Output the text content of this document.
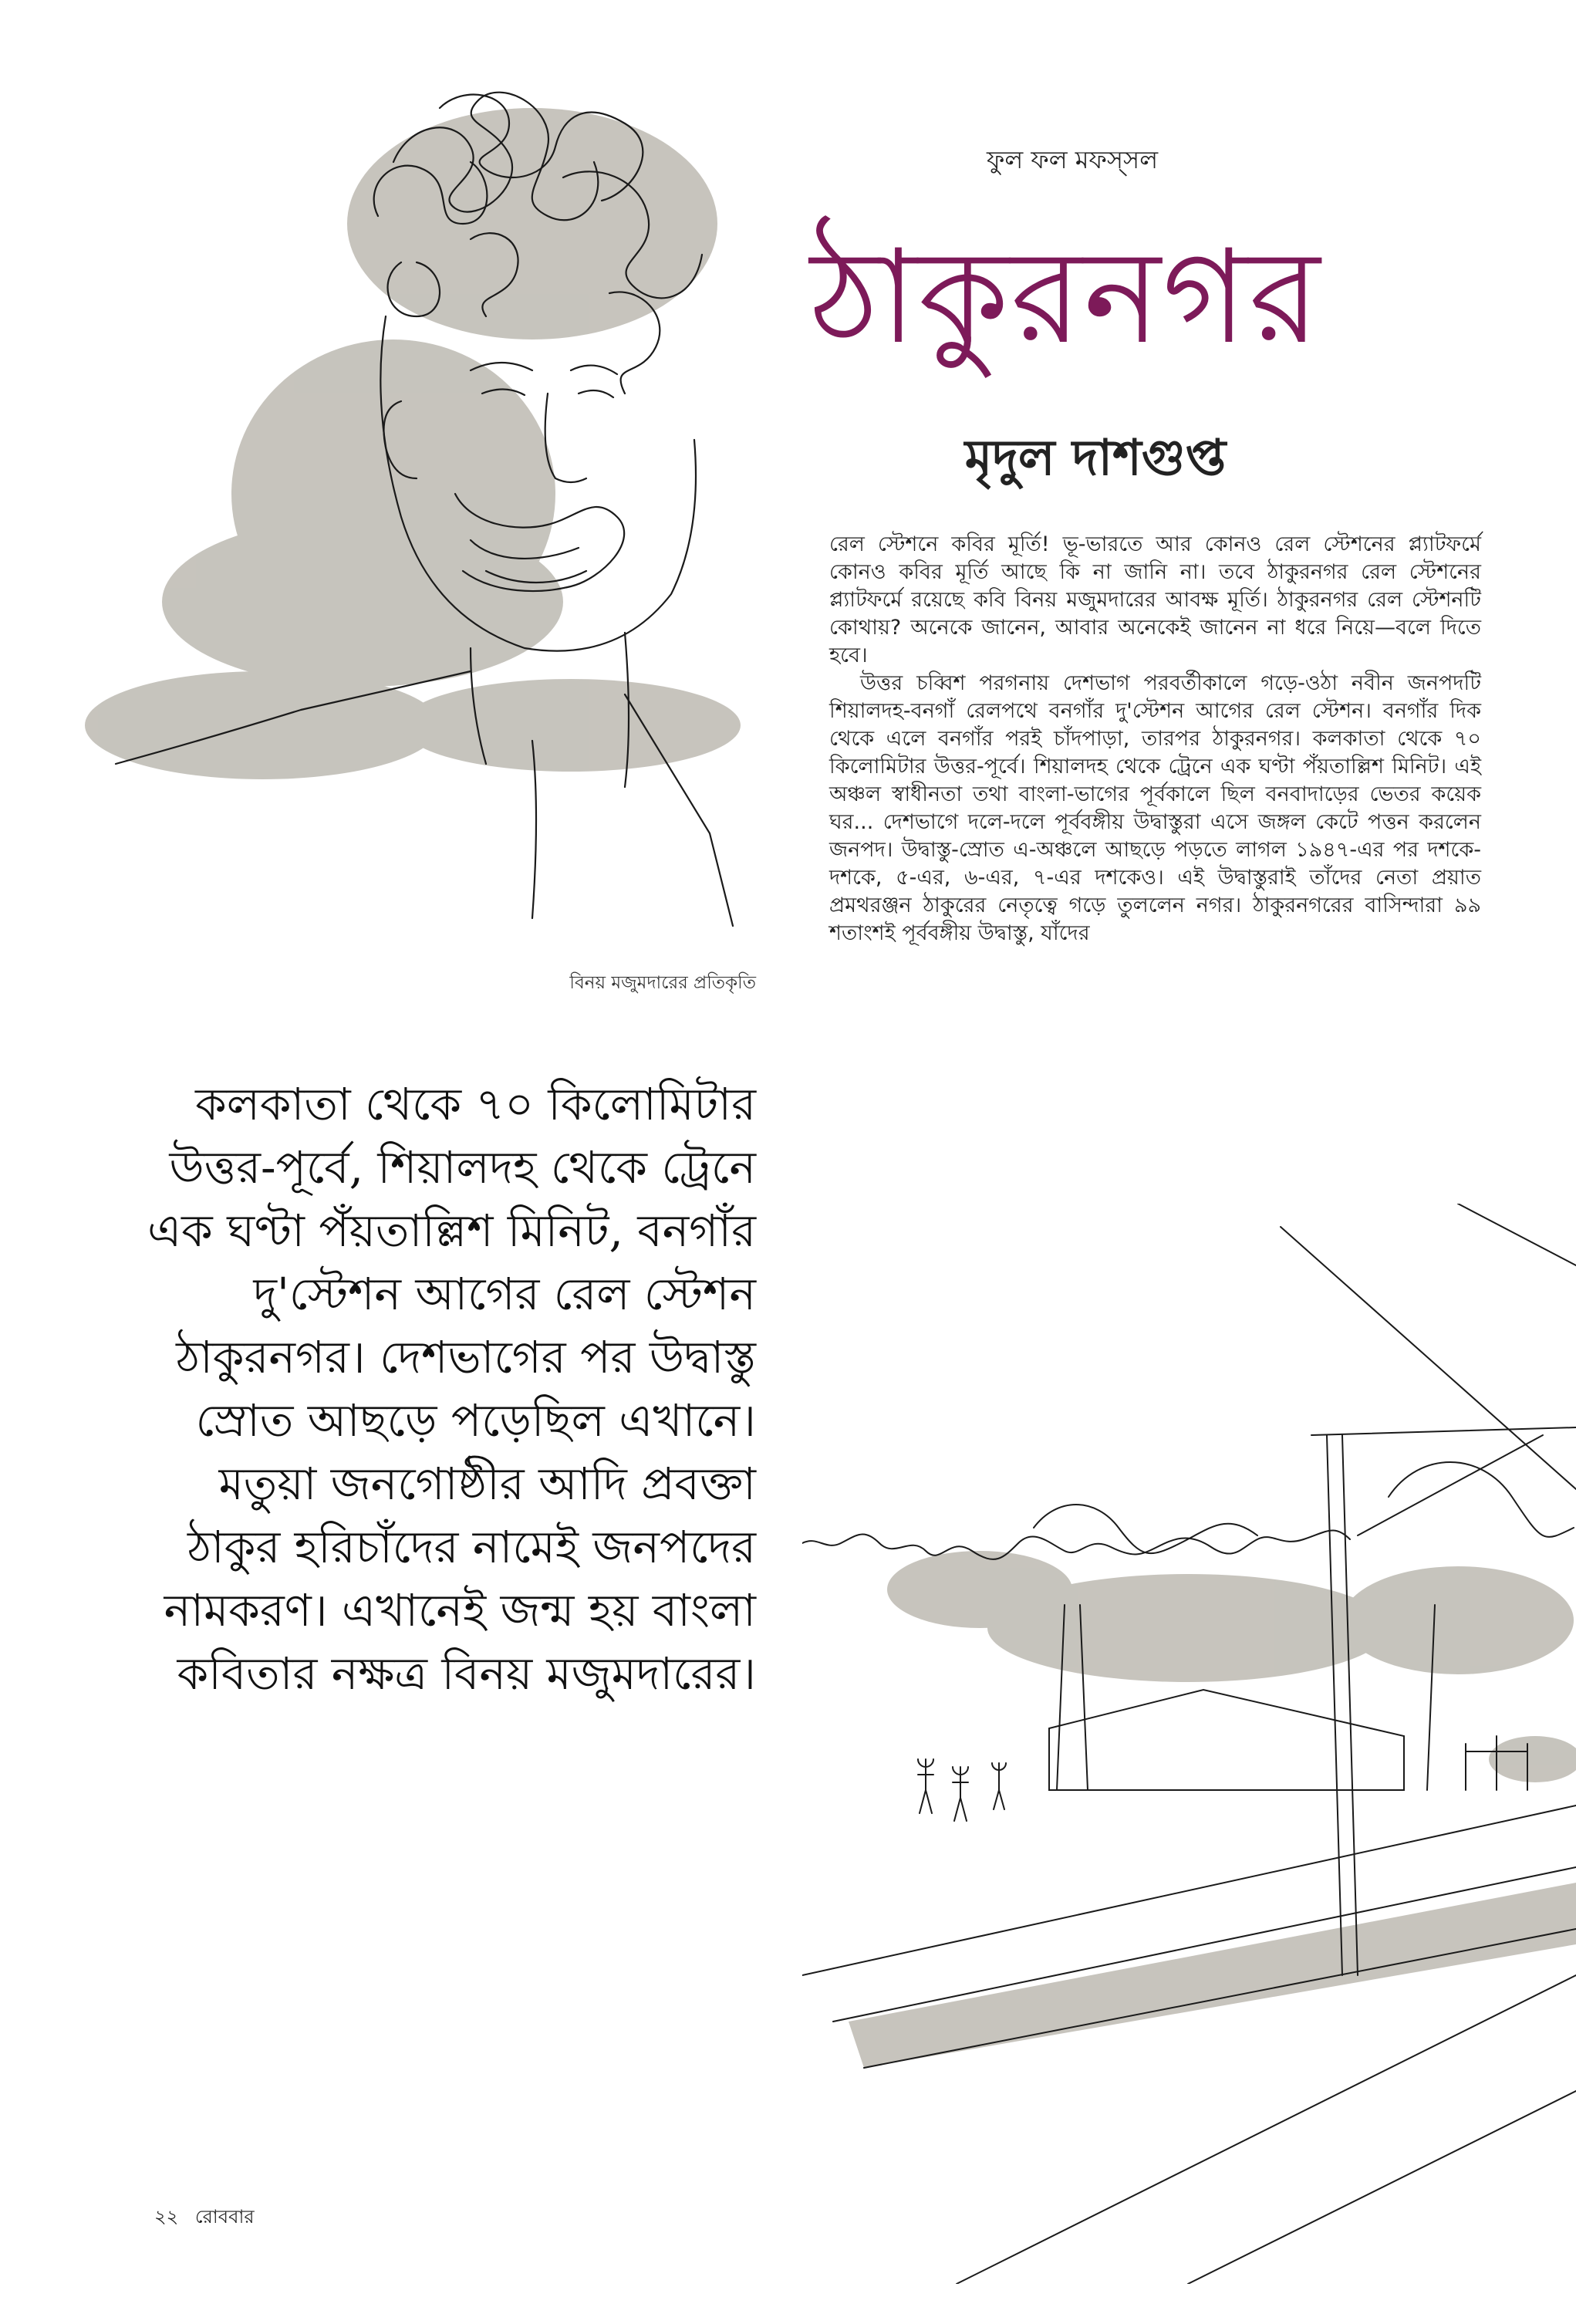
ফুল ফল মফস্‌সল
ঠাকুরনগর
মৃদুল দাশগুপ্ত
বিনয় মজুমদারের প্রতিকৃতি

রেল স্টেশনে কবির মূর্তি! ভূ-ভারতে আর কোনও রেল স্টেশনের প্ল্যাটফর্মে কোনও কবির মূর্তি আছে কি না জানি না। তবে ঠাকুরনগর রেল স্টেশনের প্ল্যাটফর্মে রয়েছে কবি বিনয় মজুমদারের আবক্ষ মূর্তি। ঠাকুরনগর রেল স্টেশনটি কোথায়? অনেকে জানেন, আবার অনেকেই জানেন না ধরে নিয়ে—বলে দিতে হবে।

উত্তর চব্বিশ পরগনায় দেশভাগ পরবর্তীকালে গড়ে-ওঠা নবীন জনপদটি শিয়ালদহ-বনগাঁ রেলপথে বনগাঁর দু'স্টেশন আগের রেল স্টেশন। বনগাঁর দিক থেকে এলে বনগাঁর পরই চাঁদপাড়া, তারপর ঠাকুরনগর। কলকাতা থেকে ৭০ কিলোমিটার উত্তর-পূর্বে। শিয়ালদহ থেকে ট্রেনে এক ঘণ্টা পঁয়তাল্লিশ মিনিট। এই অঞ্চল স্বাধীনতা তথা বাংলা-ভাগের পূর্বকালে ছিল বনবাদাড়ের ভেতর কয়েক ঘর... দেশভাগে দলে-দলে পূর্ববঙ্গীয় উদ্বাস্তুরা এসে জঙ্গল কেটে পত্তন করলেন জনপদ। উদ্বাস্তু-স্রোত এ-অঞ্চলে আছড়ে পড়তে লাগল ১৯৪৭-এর পর দশকে-দশকে, ৫-এর, ৬-এর, ৭-এর দশকেও। এই উদ্বাস্তুরাই তাঁদের নেতা প্রয়াত প্রমথরঞ্জন ঠাকুরের নেতৃত্বে গড়ে তুললেন নগর। ঠাকুরনগরের বাসিন্দারা ৯৯ শতাংশই পূর্ববঙ্গীয় উদ্বাস্তু, যাঁদের

কলকাতা থেকে ৭০ কিলোমিটার উত্তর-পূর্বে, শিয়ালদহ থেকে ট্রেনে এক ঘণ্টা পঁয়তাল্লিশ মিনিট, বনগাঁর দু'স্টেশন আগের রেল স্টেশন ঠাকুরনগর। দেশভাগের পর উদ্বাস্তু স্রোত আছড়ে পড়েছিল এখানে। মতুয়া জনগোষ্ঠীর আদি প্রবক্তা ঠাকুর হরিচাঁদের নামেই জনপদের নামকরণ। এখানেই জন্ম হয় বাংলা কবিতার নক্ষত্র বিনয় মজুমদারের।
২২ রোববার
